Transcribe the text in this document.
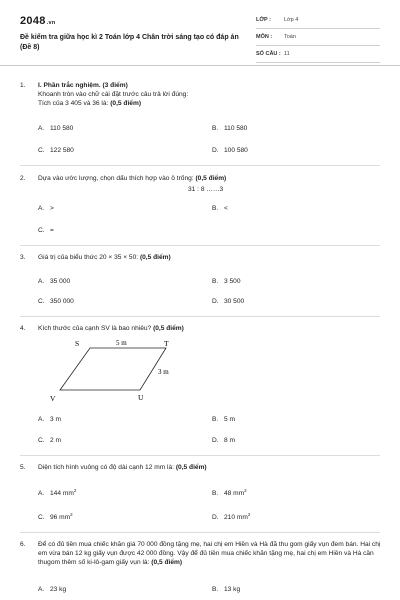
2048.vn
Đề kiểm tra giữa học kì 2 Toán lớp 4 Chân trời sáng tạo có đáp án (Đề 8)
LỚP : Lớp 4
MÔN : Toán
SỐ CÂU : 11
1. I. Phần trắc nghiệm. (3 điểm)
Khoanh tròn vào chữ cái đặt trước câu trả lời đúng:
Tích của 3 405 và 36 là: (0,5 điểm)
A. 110 580	B. 110 580
C. 122 580	D. 100 580
2. Dựa vào ước lượng, chọn dấu thích hợp vào ô trống: (0,5 điểm)
31 : 8 ……3
A. >	B. <
C. =
3. Giá trị của biểu thức 20 × 35 × 50: (0,5 điểm)
A. 35 000	B. 3 500
C. 350 000	D. 30 500
4. Kích thước của cạnh SV là bao nhiêu? (0,5 điểm)
S	T
U
V
5 m
3 m
A. 3 m	B. 5 m
C. 2 m	D. 8 m
5. Diện tích hình vuông có độ dài cạnh 12 mm là: (0,5 điểm)
A. 144 $mm^2$	B. 48 $mm^2$
C. 96 $mm^2$	D. 210 $mm^2$
6. Để có đủ tiền mua chiếc khăn giá 70 000 đồng tặng mẹ, hai chị em Hiền và Hà đã thu gom giấy vụn đem bán. Hai chị em vừa bán 12 kg giấy vụn được 42 000 đồng. Vậy để đủ tiền mua chiếc khăn tặng mẹ, hai chị em Hiền và Hà cần thugom thêm số ki-lô-gam giấy vụn là: (0,5 điểm)
A. 23 kg	B. 13 kg
